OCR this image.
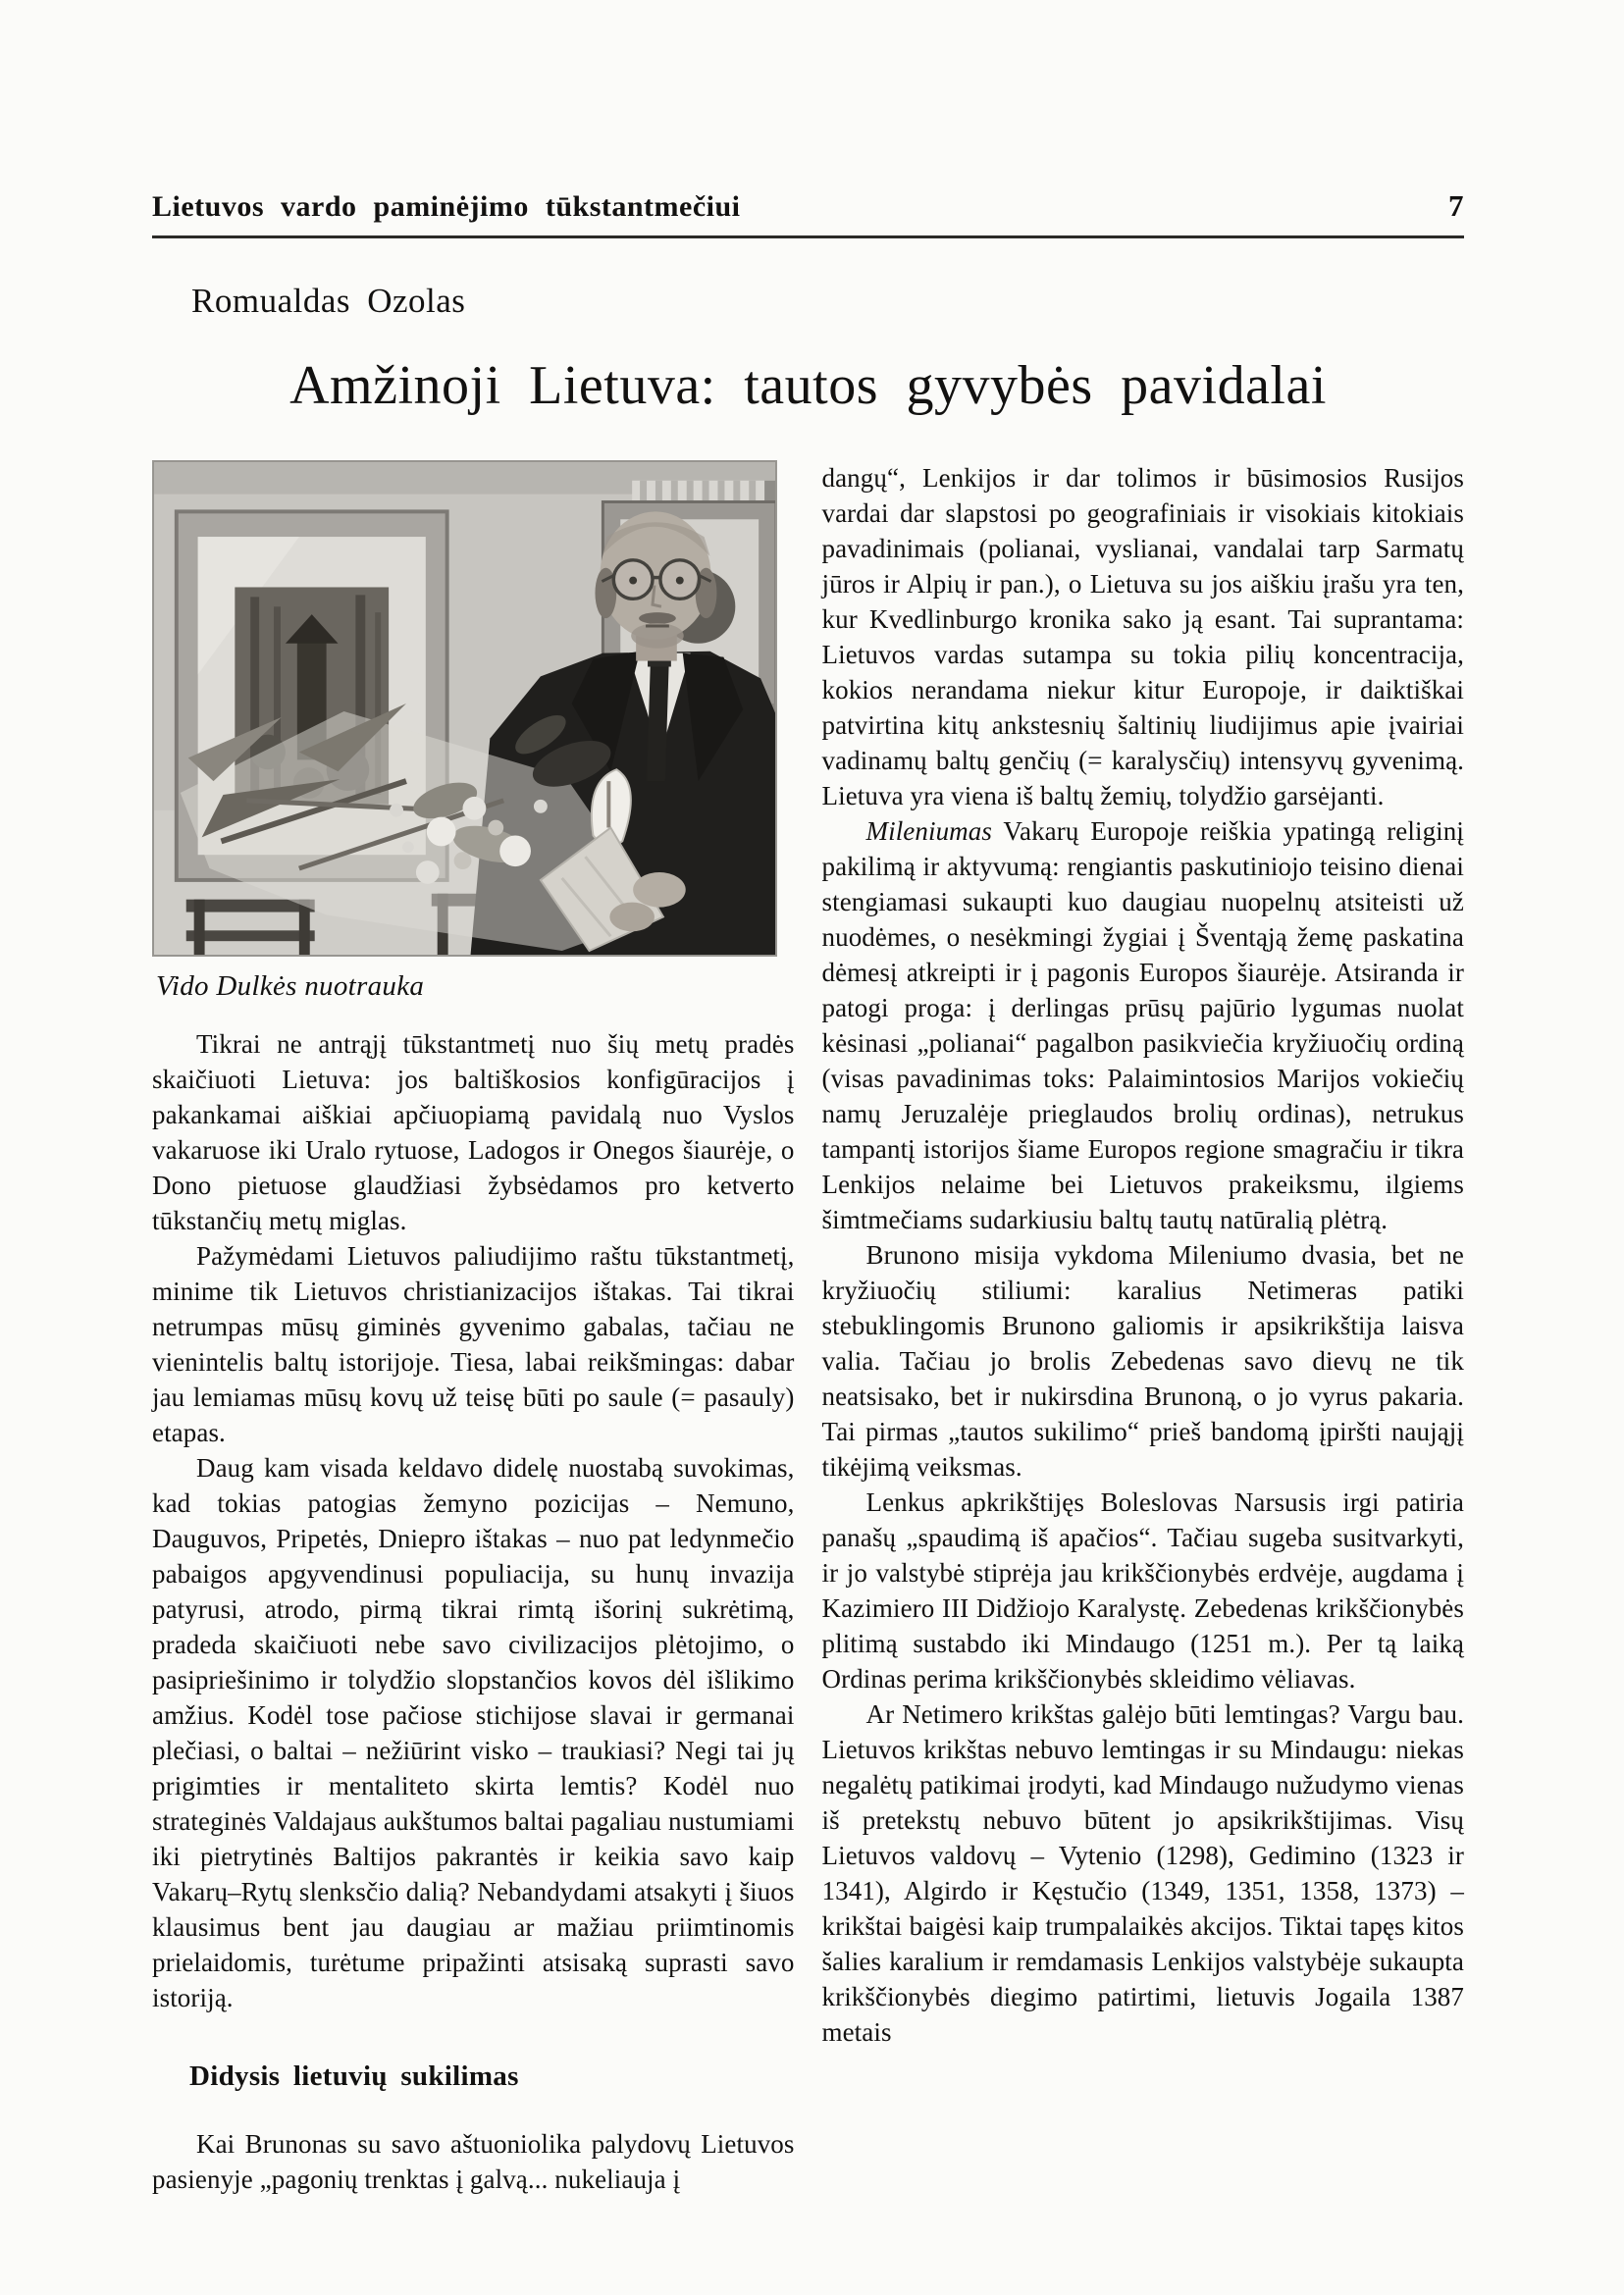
Lietuvos vardo paminėjimo tūkstantmečiui	7
Romualdas Ozolas
Amžinoji Lietuva: tautos gyvybės pavidalai
Vido Dulkės nuotrauka

Tikrai ne antrąjį tūkstantmetį nuo šių metų pradės skaičiuoti Lietuva: jos baltiškosios konfigūracijos į pakankamai aiškiai apčiuopiamą pavidalą nuo Vyslos vakaruose iki Uralo rytuose, Ladogos ir Onegos šiaurėje, o Dono pietuose glaudžiasi žybsėdamos pro ketverto tūkstančių metų miglas.

Pažymėdami Lietuvos paliudijimo raštu tūkstantmetį, minime tik Lietuvos christianizacijos ištakas. Tai tikrai netrumpas mūsų giminės gyvenimo gabalas, tačiau ne vienintelis baltų istorijoje. Tiesa, labai reikšmingas: dabar jau lemiamas mūsų kovų už teisę būti po saule (= pasauly) etapas.

Daug kam visada keldavo didelę nuostabą suvokimas, kad tokias patogias žemyno pozicijas – Nemuno, Dauguvos, Pripetės, Dniepro ištakas – nuo pat ledynmečio pabaigos apgyvendinusi populiacija, su hunų invazija patyrusi, atrodo, pirmą tikrai rimtą išorinį sukrėtimą, pradeda skaičiuoti nebe savo civilizacijos plėtojimo, o pasipriešinimo ir tolydžio slopstančios kovos dėl išlikimo amžius. Kodėl tose pačiose stichijose slavai ir germanai plečiasi, o baltai – nežiūrint visko – traukiasi? Negi tai jų prigimties ir mentaliteto skirta lemtis? Kodėl nuo strateginės Valdajaus aukštumos baltai pagaliau nustumiami iki pietrytinės Baltijos pakrantės ir keikia savo kaip Vakarų–Rytų slenksčio dalią? Nebandydami atsakyti į šiuos klausimus bent jau daugiau ar mažiau priimtinomis prielaidomis, turėtume pripažinti atsisaką suprasti savo istoriją.

Didysis lietuvių sukilimas

Kai Brunonas su savo aštuoniolika palydovų Lietuvos pasienyje „pagonių trenktas į galvą... nukeliauja į

dangų“, Lenkijos ir dar tolimos ir būsimosios Rusijos vardai dar slapstosi po geografiniais ir visokiais kitokiais pavadinimais (polianai, vyslianai, vandalai tarp Sarmatų jūros ir Alpių ir pan.), o Lietuva su jos aiškiu įrašu yra ten, kur Kvedlinburgo kronika sako ją esant. Tai suprantama: Lietuvos vardas sutampa su tokia pilių koncentracija, kokios nerandama niekur kitur Europoje, ir daiktiškai patvirtina kitų ankstesnių šaltinių liudijimus apie įvairiai vadinamų baltų genčių (= karalysčių) intensyvų gyvenimą. Lietuva yra viena iš baltų žemių, tolydžio garsėjanti.

Mileniumas Vakarų Europoje reiškia ypatingą religinį pakilimą ir aktyvumą: rengiantis paskutiniojo teisino dienai stengiamasi sukaupti kuo daugiau nuopelnų atsiteisti už nuodėmes, o nesėkmingi žygiai į Šventąją žemę paskatina dėmesį atkreipti ir į pagonis Europos šiaurėje. Atsiranda ir patogi proga: į derlingas prūsų pajūrio lygumas nuolat kėsinasi „polianai“ pagalbon pasikviečia kryžiuočių ordiną (visas pavadinimas toks: Palaimintosios Marijos vokiečių namų Jeruzalėje prieglaudos brolių ordinas), netrukus tampantį istorijos šiame Europos regione smagračiu ir tikra Lenkijos nelaime bei Lietuvos prakeiksmu, ilgiems šimtmečiams sudarkiusiu baltų tautų natūralią plėtrą.

Brunono misija vykdoma Mileniumo dvasia, bet ne kryžiuočių stiliumi: karalius Netimeras patiki stebuklingomis Brunono galiomis ir apsikrikštija laisva valia. Tačiau jo brolis Zebedenas savo dievų ne tik neatsisako, bet ir nukirsdina Brunoną, o jo vyrus pakaria. Tai pirmas „tautos sukilimo“ prieš bandomą įpiršti naująjį tikėjimą veiksmas.

Lenkus apkrikštijęs Boleslovas Narsusis irgi patiria panašų „spaudimą iš apačios“. Tačiau sugeba susitvarkyti, ir jo valstybė stiprėja jau krikščionybės erdvėje, augdama į Kazimiero III Didžiojo Karalystę. Zebedenas krikščionybės plitimą sustabdo iki Mindaugo (1251 m.). Per tą laiką Ordinas perima krikščionybės skleidimo vėliavas.

Ar Netimero krikštas galėjo būti lemtingas? Vargu bau. Lietuvos krikštas nebuvo lemtingas ir su Mindaugu: niekas negalėtų patikimai įrodyti, kad Mindaugo nužudymo vienas iš pretekstų nebuvo būtent jo apsikrikštijimas. Visų Lietuvos valdovų – Vytenio (1298), Gedimino (1323 ir 1341), Algirdo ir Kęstučio (1349, 1351, 1358, 1373) – krikštai baigėsi kaip trumpalaikės akcijos. Tiktai tapęs kitos šalies karalium ir remdamasis Lenkijos valstybėje sukaupta krikščionybės diegimo patirtimi, lietuvis Jogaila 1387 metais
